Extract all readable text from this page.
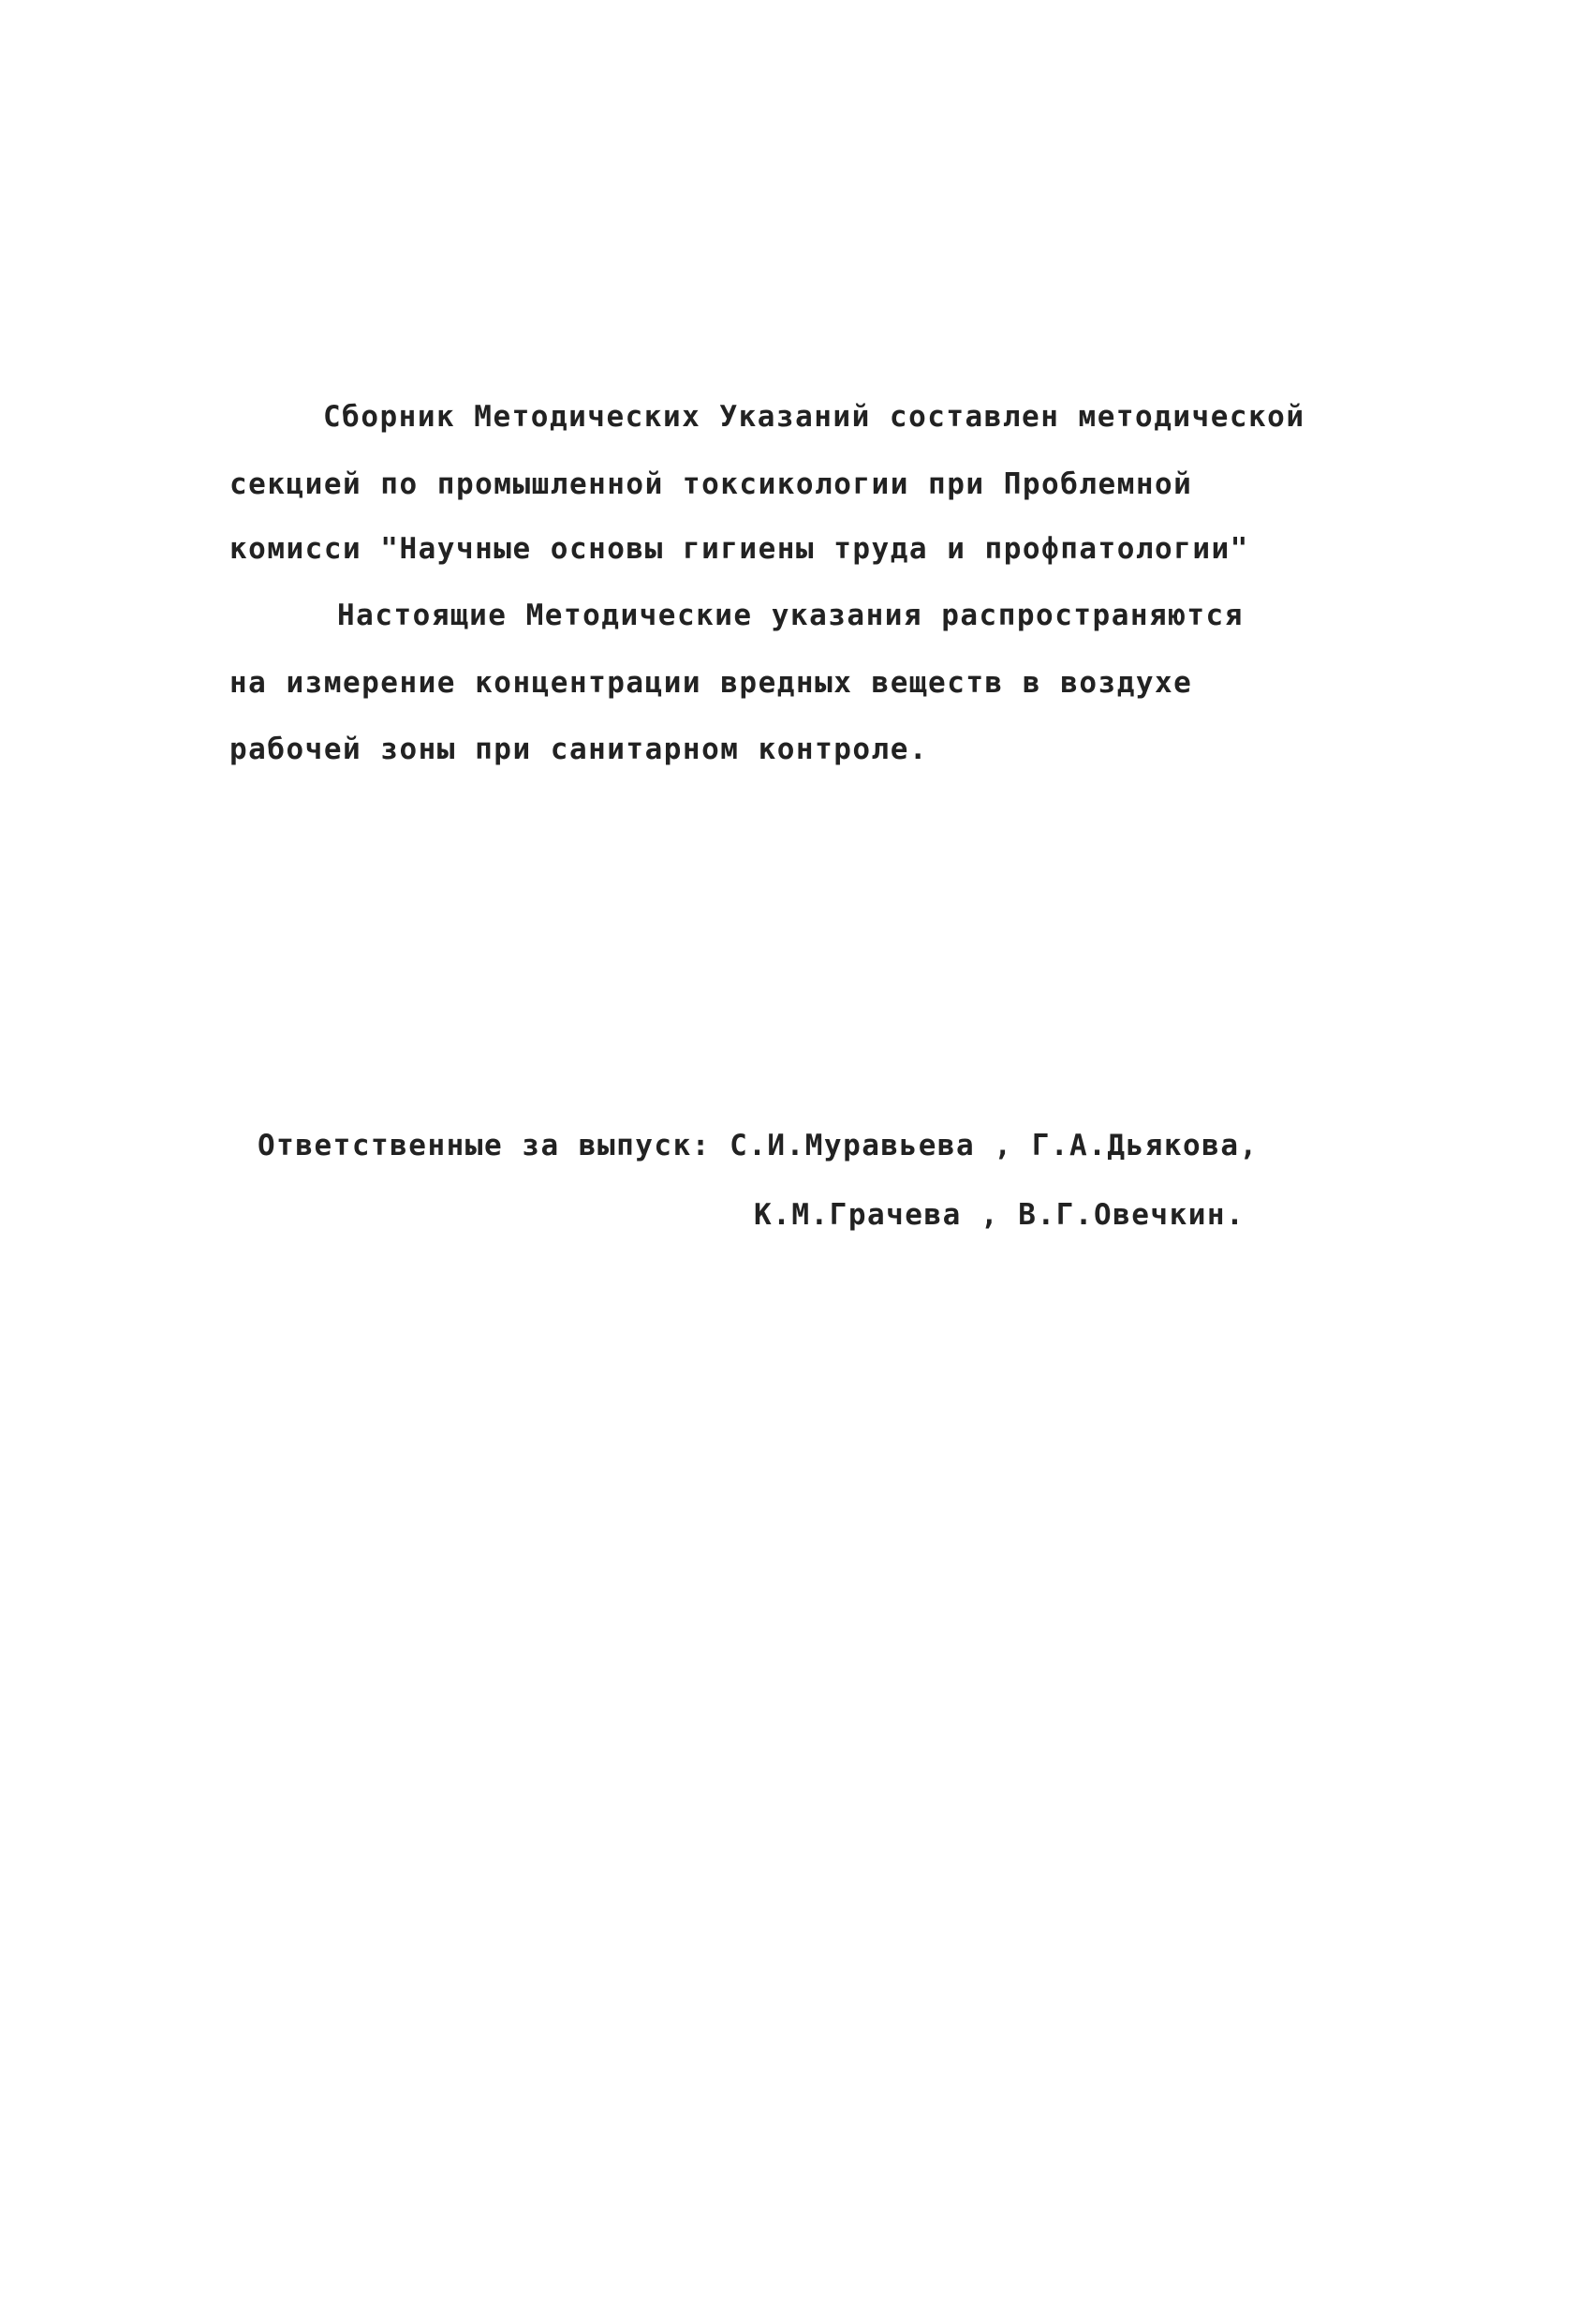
Сборник Методических Указаний составлен методической
секцией по промышленной токсикологии при Проблемной
комисси "Научные основы гигиены труда и профпатологии"
Настоящие Методические указания распространяются
на измерение концентрации вредных веществ в воздухе
рабочей зоны при санитарном контроле.
Ответственные за выпуск: С.И.Муравьева , Г.А.Дьякова,
К.М.Грачева , В.Г.Овечкин.
